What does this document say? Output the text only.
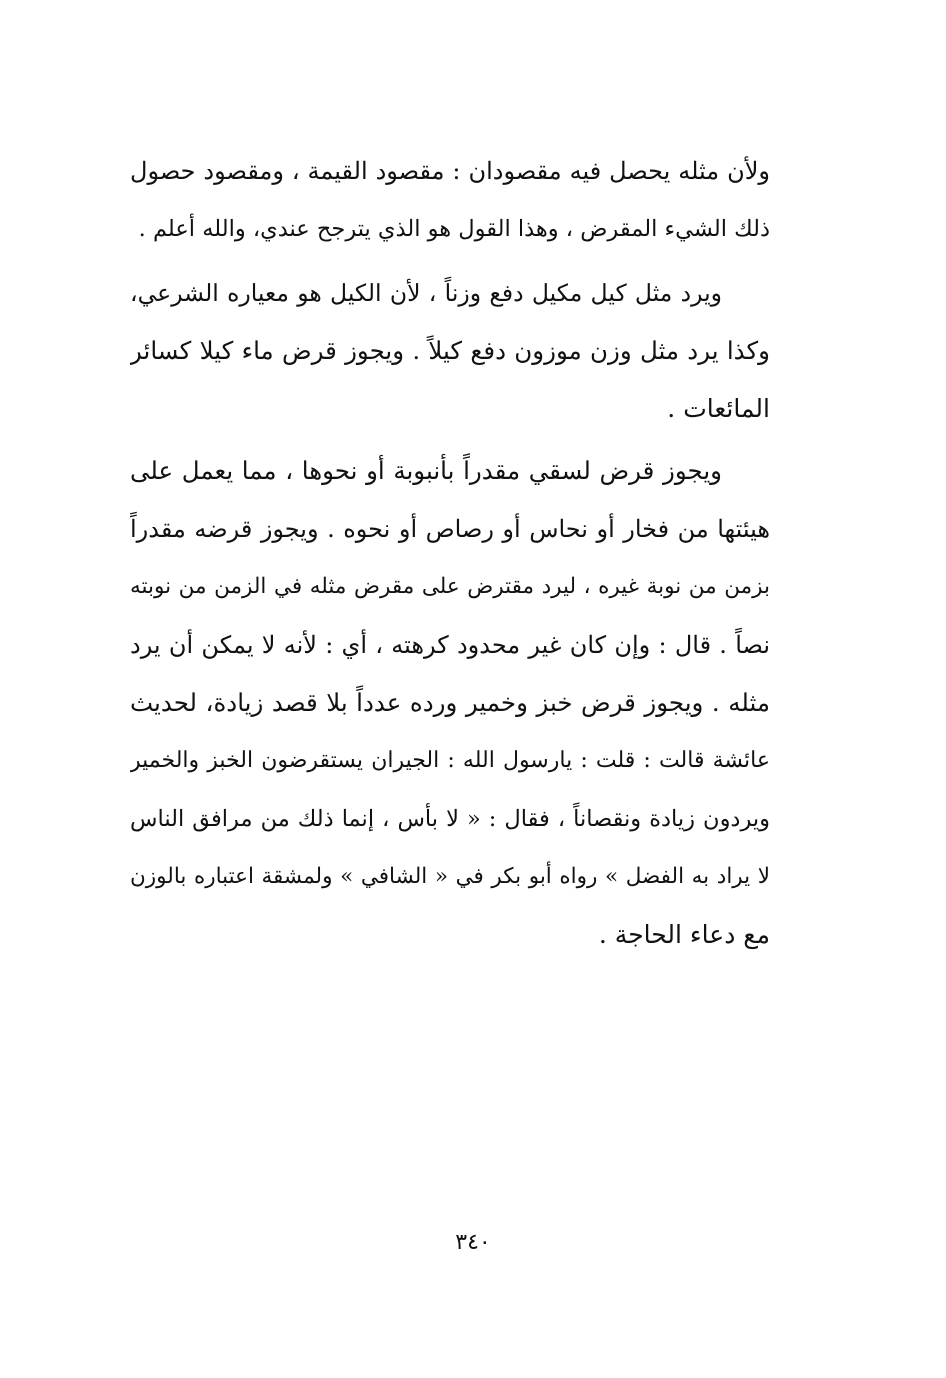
ولأن مثله يحصل فيه مقصودان : مقصود القيمة ، ومقصود حصول
ذلك الشيء المقرض ، وهذا القول هو الذي يترجح عندي، والله أعلم .
ويرد مثل كيل مكيل دفع وزناً ، لأن الكيل هو معياره الشرعي،
وكذا يرد مثل وزن موزون دفع كيلاً . ويجوز قرض ماء كيلا كسائر
المائعات .
ويجوز قرض لسقي مقدراً بأنبوبة أو نحوها ، مما يعمل على
هيئتها من فخار أو نحاس أو رصاص أو نحوه . ويجوز قرضه مقدراً
بزمن من نوبة غيره ، ليرد مقترض على مقرض مثله في الزمن من نوبته
نصاً . قال : وإن كان غير محدود كرهته ، أي : لأنه لا يمكن أن يرد
مثله . ويجوز قرض خبز وخمير ورده عدداً بلا قصد زيادة، لحديث
عائشة قالت : قلت : يارسول الله : الجيران يستقرضون الخبز والخمير
ويردون زيادة ونقصاناً ، فقال : « لا بأس ، إنما ذلك من مرافق الناس
لا يراد به الفضل » رواه أبو بكر في « الشافي » ولمشقة اعتباره بالوزن
مع دعاء الحاجة .
٣٤٠
